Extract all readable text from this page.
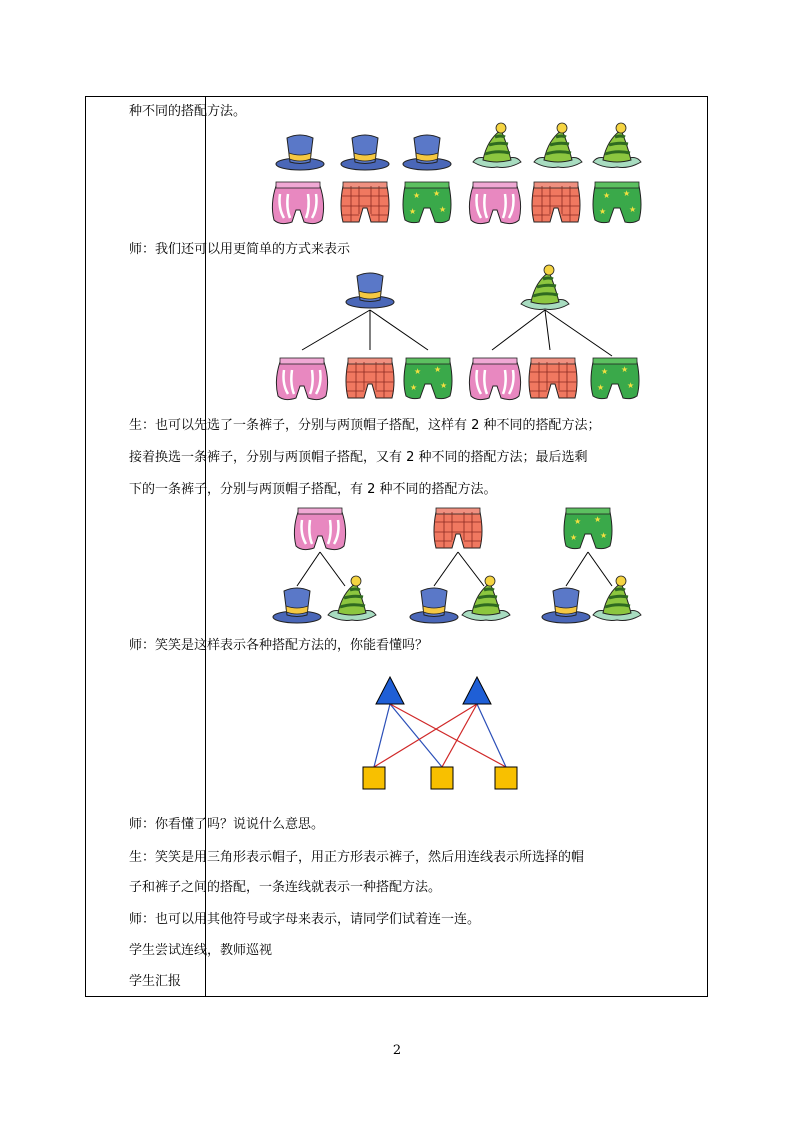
种不同的搭配方法。
师：我们还可以用更简单的方式来表示
生：也可以先选了一条裤子，分别与两顶帽子搭配，这样有 2 种不同的搭配方法；
接着换选一条裤子，分别与两顶帽子搭配，又有 2 种不同的搭配方法；最后选剩
下的一条裤子，分别与两顶帽子搭配，有 2 种不同的搭配方法。
师：笑笑是这样表示各种搭配方法的，你能看懂吗？
师：你看懂了吗？说说什么意思。
生：笑笑是用三角形表示帽子，用正方形表示裤子，然后用连线表示所选择的帽
子和裤子之间的搭配，一条连线就表示一种搭配方法。
师：也可以用其他符号或字母来表示，请同学们试着连一连。
学生尝试连线，教师巡视
学生汇报
★
2
